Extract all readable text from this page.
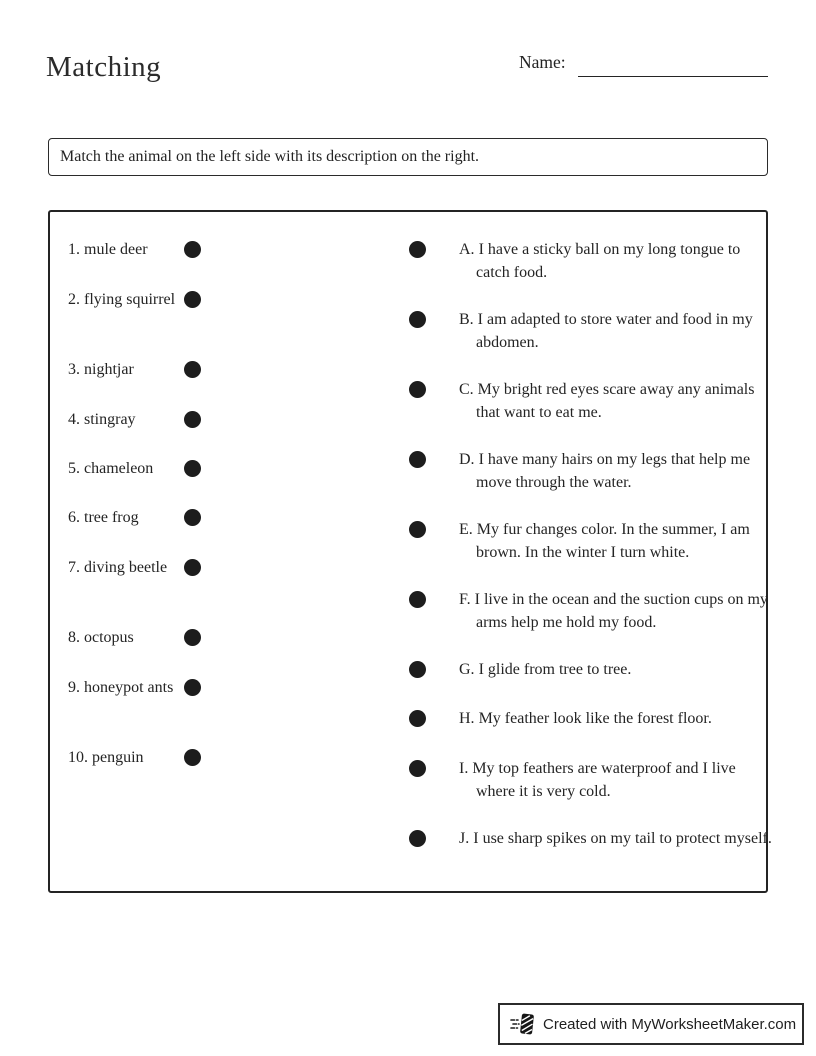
Matching	Name:

Match the animal on the left side with its description on the right.

1. mule deer

2. flying squirrel

3. nightjar

4. stingray

5. chameleon

6. tree frog

7. diving beetle

8. octopus

9. honeypot ants

10. penguin

A. I have a sticky ball on my long tongue to catch food.

B. I am adapted to store water and food in my abdomen.

C. My bright red eyes scare away any animals that want to eat me.

D. I have many hairs on my legs that help me move through the water.

E. My fur changes color. In the summer, I am brown. In the winter I turn white.

F. I live in the ocean and the suction cups on my arms help me hold my food.

G. I glide from tree to tree.

H. My feather look like the forest floor.

I. My top feathers are waterproof and I live where it is very cold.

J. I use sharp spikes on my tail to protect myself.

Created with MyWorksheetMaker.com
